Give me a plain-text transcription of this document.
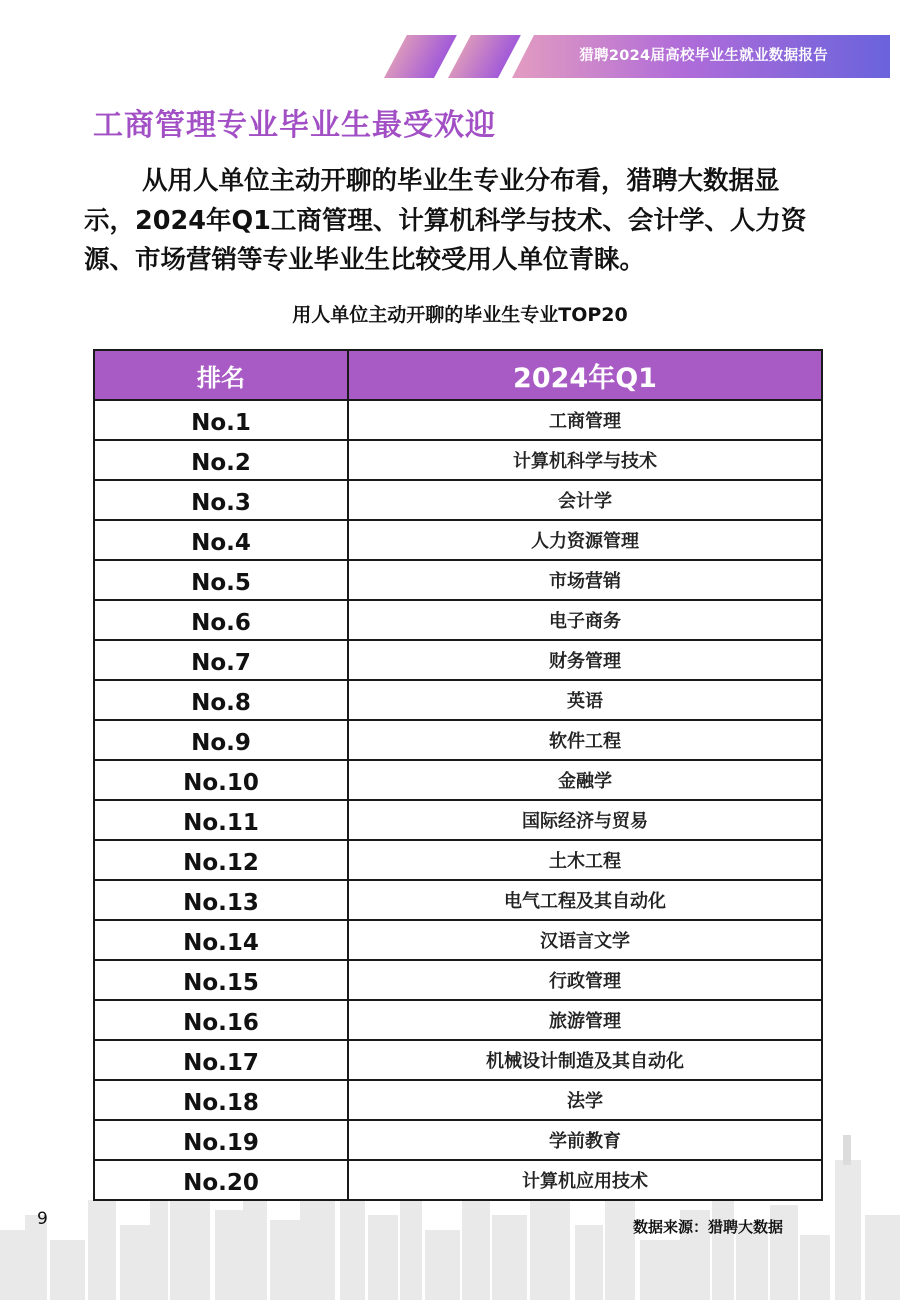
猎聘2024届高校毕业生就业数据报告
工商管理专业毕业生最受欢迎

从用人单位主动开聊的毕业生专业分布看，猎聘大数据显示，2024年Q1工商管理、计算机科学与技术、会计学、人力资源、市场营销等专业毕业生比较受用人单位青睐。

用人单位主动开聊的毕业生专业TOP20
排名	2024年Q1
No.1	工商管理
No.2	计算机科学与技术
No.3	会计学
No.4	人力资源管理
No.5	市场营销
No.6	电子商务
No.7	财务管理
No.8	英语
No.9	软件工程
No.10	金融学
No.11	国际经济与贸易
No.12	土木工程
No.13	电气工程及其自动化
No.14	汉语言文学
No.15	行政管理
No.16	旅游管理
No.17	机械设计制造及其自动化
No.18	法学
No.19	学前教育
No.20	计算机应用技术
9	数据来源：猎聘大数据
